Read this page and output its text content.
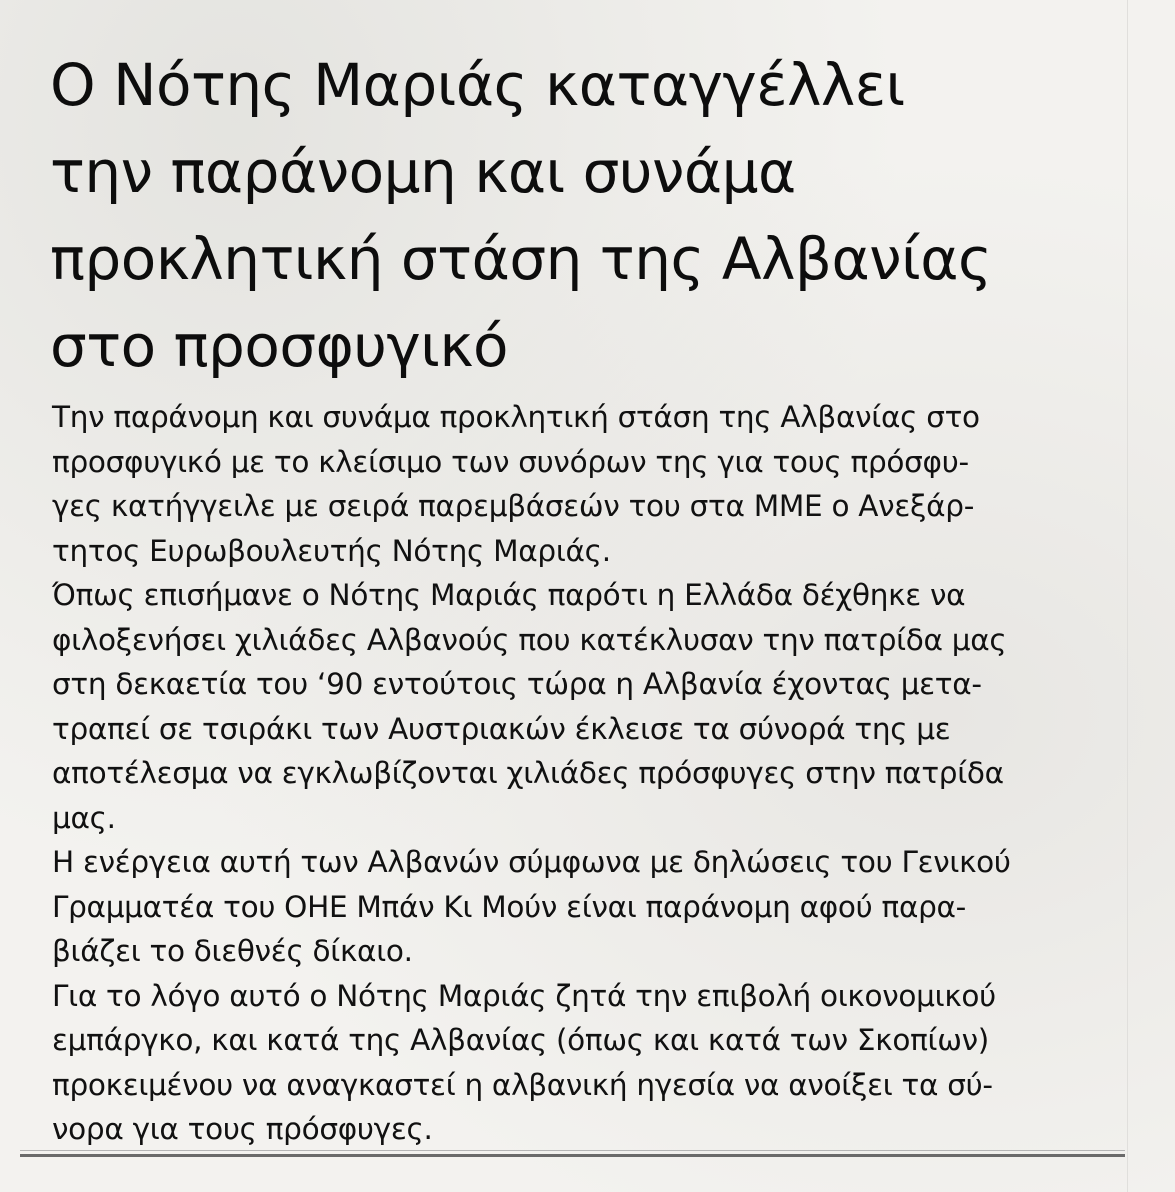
Ο Νότης Μαριάς καταγγέλλει
την παράνομη και συνάμα
προκλητική στάση της Αλβανίας
στο προσφυγικό
Την παράνομη και συνάμα προκλητική στάση της Αλβανίας στο
προσφυγικό με το κλείσιμο των συνόρων της για τους πρόσφυ-
γες κατήγγειλε με σειρά παρεμβάσεών του στα ΜΜΕ ο Ανεξάρ-
τητος Ευρωβουλευτής Νότης Μαριάς.
Όπως επισήμανε ο Νότης Μαριάς παρότι η Ελλάδα δέχθηκε να
φιλοξενήσει χιλιάδες Αλβανούς που κατέκλυσαν την πατρίδα μας
στη δεκαετία του ‘90 εντούτοις τώρα η Αλβανία έχοντας μετα-
τραπεί σε τσιράκι των Αυστριακών έκλεισε τα σύνορά της με
αποτέλεσμα να εγκλωβίζονται χιλιάδες πρόσφυγες στην πατρίδα
μας.
Η ενέργεια αυτή των Αλβανών σύμφωνα με δηλώσεις του Γενικού
Γραμματέα του ΟΗΕ Μπάν Κι Μούν είναι παράνομη αφού παρα-
βιάζει το διεθνές δίκαιο.
Για το λόγο αυτό ο Νότης Μαριάς ζητά την επιβολή οικονομικού
εμπάργκο, και κατά της Αλβανίας (όπως και κατά των Σκοπίων)
προκειμένου να αναγκαστεί η αλβανική ηγεσία να ανοίξει τα σύ-
νορα για τους πρόσφυγες.
